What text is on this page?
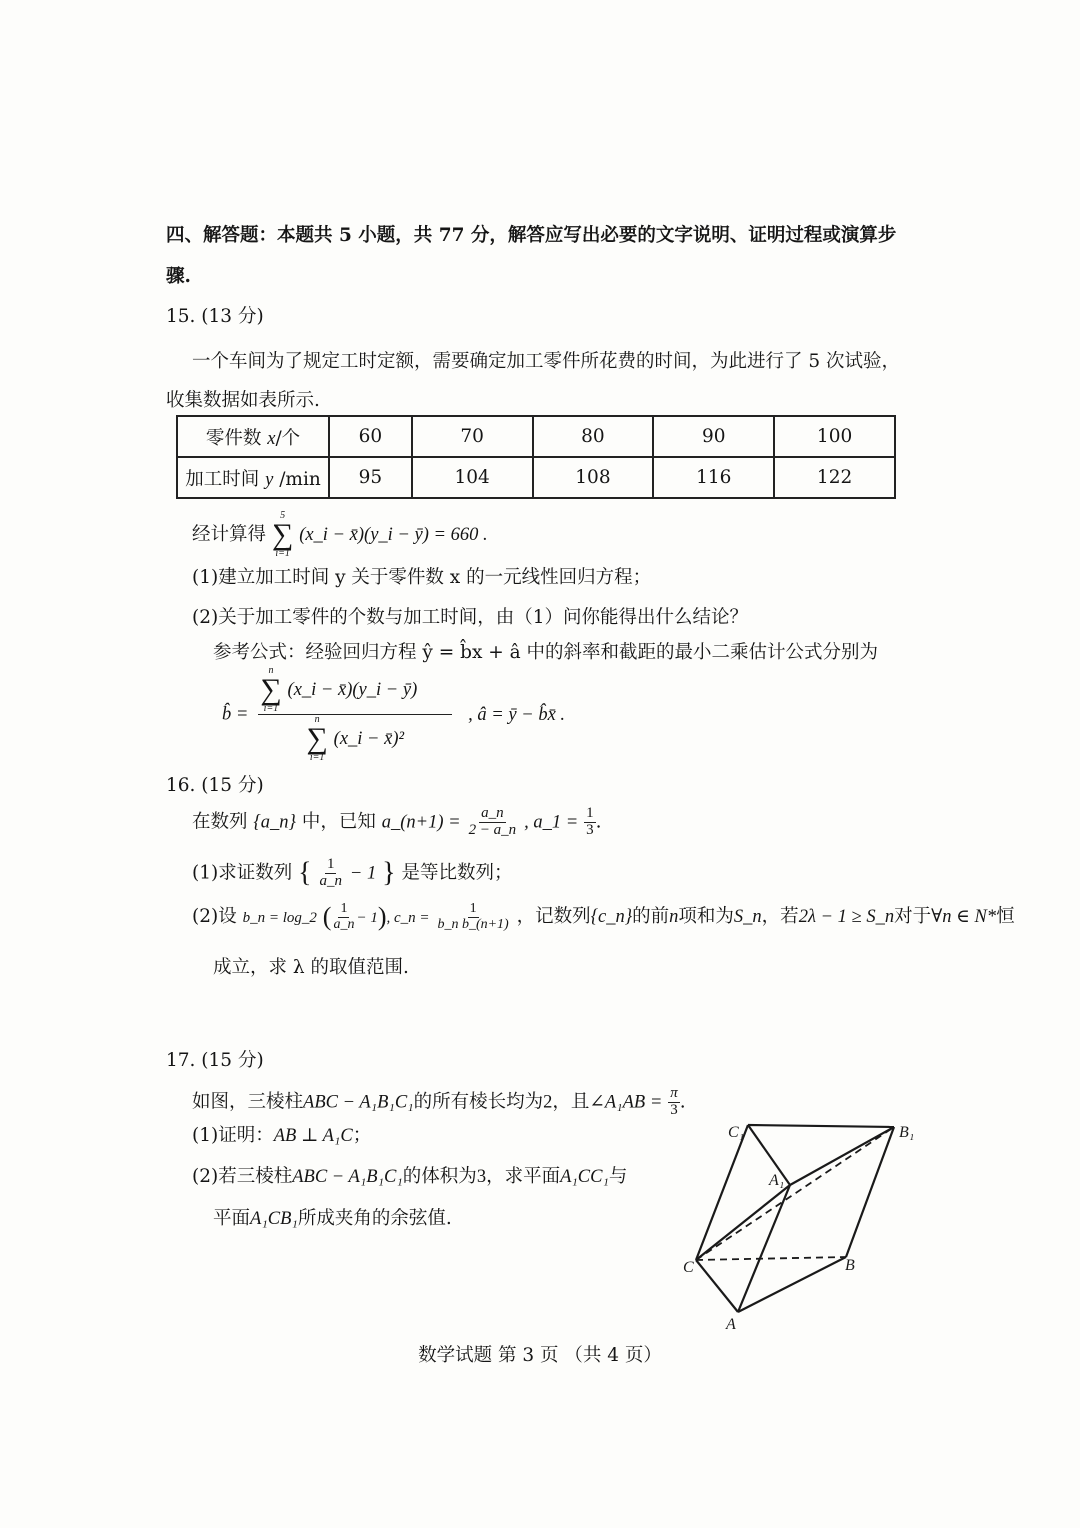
四、解答题：本题共 5 小题，共 77 分，解答应写出必要的文字说明、证明过程或演算步
骤.
15. (13 分)
一个车间为了规定工时定额，需要确定加工零件所花费的时间，为此进行了 5 次试验，
收集数据如表所示.
零件数 x/个	60	70	80	90	100
加工时间 y /min	95	104	108	116	122
经计算得
5
∑
i=1
(x_i − x̄)(y_i − ȳ) = 660 .
(1)建立加工时间 y 关于零件数 x 的一元线性回归方程；
(2)关于加工零件的个数与加工时间，由（1）问你能得出什么结论？
参考公式：经验回归方程 ŷ = b̂x + â 中的斜率和截距的最小二乘估计公式分别为
b̂ = n
∑
i=1
(x_i − x̄)(y_i − ȳ)
n
∑
i=1
(x_i − x̄)² , â = ȳ − b̂x̄ .
16. (15 分)
在数列 {a_n} 中，已知 a_(n+1) = $\frac{a\_n}{2 - a\_n}$ , a_1 = $\frac{1}{3}$ .
(1)求证数列 { $\frac{1}{a\_n} - 1$ } 是等比数列；
(2)设 b_n = log_2 ( $\frac{1}{a\_n} - 1$), c_n = $\frac{1}{\text{b\_n b\_(n+1)}}$ ，记数列{c_n}的前n项和为S_n，若2λ − 1 ≥ S_n对于∀n ∈ N*恒
成立，求 λ 的取值范围.
17. (15 分)
如图，三棱柱ABC − A₁B₁C₁的所有棱长均为2，且∠A₁AB = $\frac{\pi}{3}$ .
(1)证明：AB ⊥ A₁C；
(2)若三棱柱ABC − A₁B₁C₁的体积为3，求平面A₁CC₁与
平面A₁CB₁所成夹角的余弦值.
C₁	B₁
A₁
C	B
A
数学试题 第 3 页 （共 4 页）
